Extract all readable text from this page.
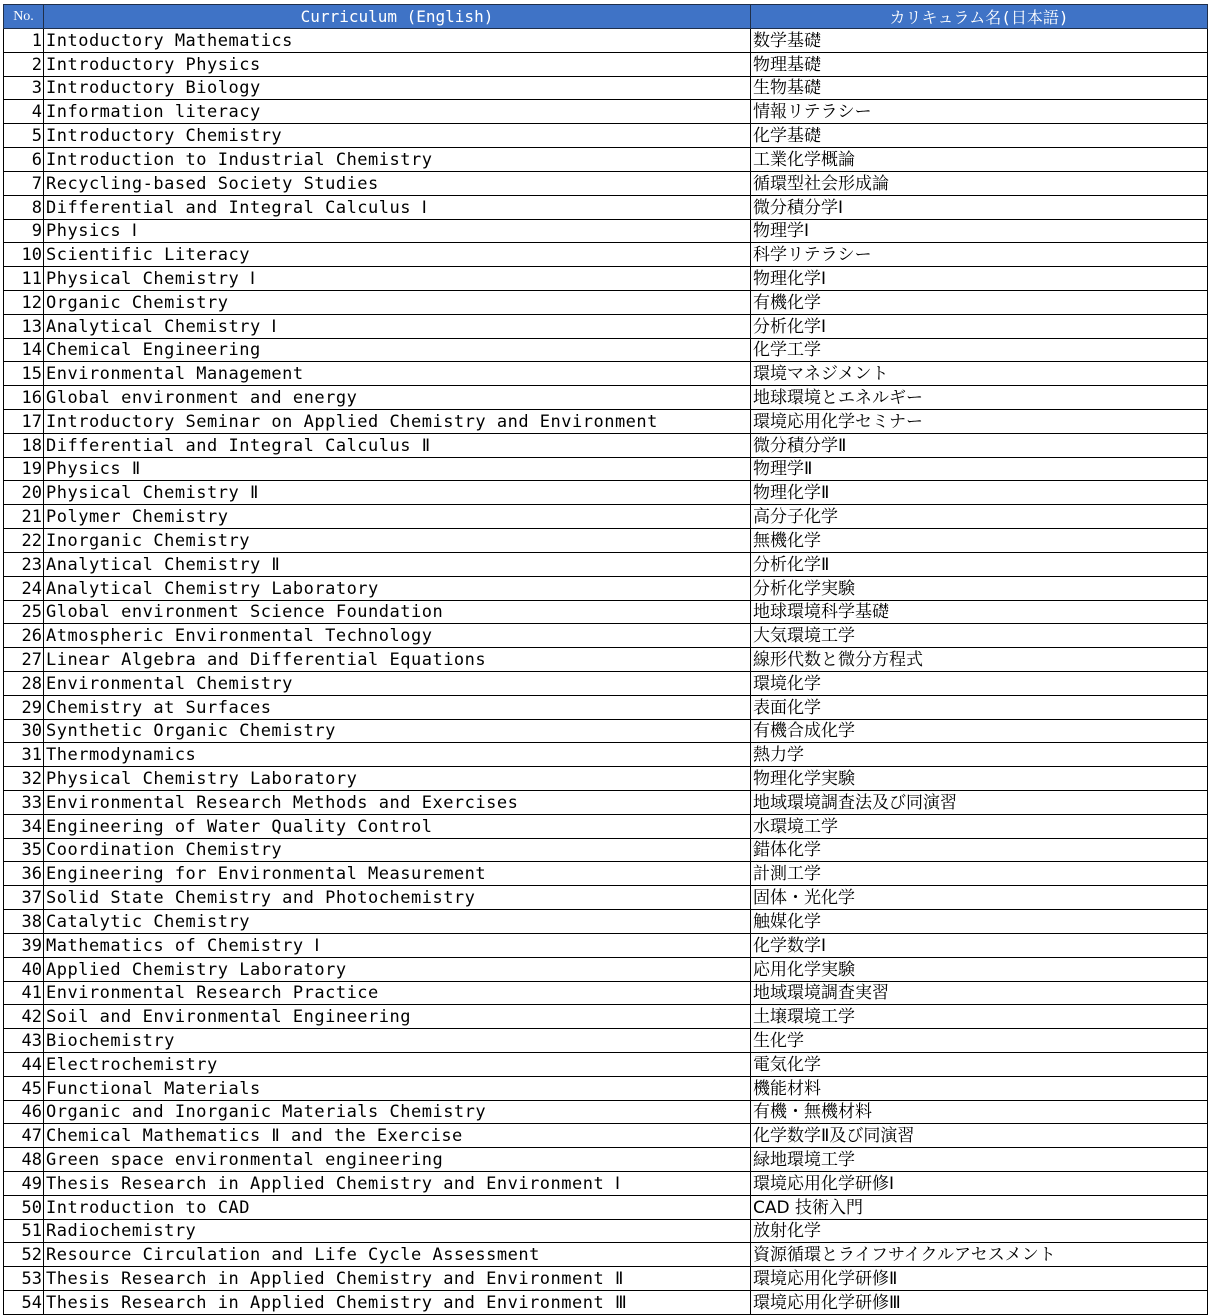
No.	Curriculum (English)	カリキュラム名(日本語)
1	Intoductory Mathematics	数学基礎
2	Introductory Physics	物理基礎
3	Introductory Biology	生物基礎
4	Information literacy	情報リテラシー
5	Introductory Chemistry	化学基礎
6	Introduction to Industrial Chemistry	工業化学概論
7	Recycling-based Society Studies	循環型社会形成論
8	Differential and Integral Calculus Ⅰ	微分積分学Ⅰ
9	Physics Ⅰ	物理学Ⅰ
10	Scientific Literacy	科学リテラシー
11	Physical Chemistry Ⅰ	物理化学Ⅰ
12	Organic Chemistry	有機化学
13	Analytical Chemistry Ⅰ	分析化学Ⅰ
14	Chemical Engineering	化学工学
15	Environmental Management	環境マネジメント
16	Global environment and energy	地球環境とエネルギー
17	Introductory Seminar on Applied Chemistry and Environment	環境応用化学セミナー
18	Differential and Integral Calculus Ⅱ	微分積分学Ⅱ
19	Physics Ⅱ	物理学Ⅱ
20	Physical Chemistry Ⅱ	物理化学Ⅱ
21	Polymer Chemistry	高分子化学
22	Inorganic Chemistry	無機化学
23	Analytical Chemistry Ⅱ	分析化学Ⅱ
24	Analytical Chemistry Laboratory	分析化学実験
25	Global environment Science Foundation	地球環境科学基礎
26	Atmospheric Environmental Technology	大気環境工学
27	Linear Algebra and Differential Equations	線形代数と微分方程式
28	Environmental Chemistry	環境化学
29	Chemistry at Surfaces	表面化学
30	Synthetic Organic Chemistry	有機合成化学
31	Thermodynamics	熱力学
32	Physical Chemistry Laboratory	物理化学実験
33	Environmental Research Methods and Exercises	地域環境調査法及び同演習
34	Engineering of Water Quality Control	水環境工学
35	Coordination Chemistry	錯体化学
36	Engineering for Environmental Measurement	計測工学
37	Solid State Chemistry and Photochemistry	固体・光化学
38	Catalytic Chemistry	触媒化学
39	Mathematics of Chemistry Ⅰ	化学数学Ⅰ
40	Applied Chemistry Laboratory	応用化学実験
41	Environmental Research Practice	地域環境調査実習
42	Soil and Environmental Engineering	土壌環境工学
43	Biochemistry	生化学
44	Electrochemistry	電気化学
45	Functional Materials	機能材料
46	Organic and Inorganic Materials Chemistry	有機・無機材料
47	Chemical Mathematics Ⅱ and the Exercise	化学数学Ⅱ及び同演習
48	Green space environmental engineering	緑地環境工学
49	Thesis Research in Applied Chemistry and Environment Ⅰ	環境応用化学研修Ⅰ
50	Introduction to CAD	CAD 技術入門
51	Radiochemistry	放射化学
52	Resource Circulation and Life Cycle Assessment	資源循環とライフサイクルアセスメント
53	Thesis Research in Applied Chemistry and Environment Ⅱ	環境応用化学研修Ⅱ
54	Thesis Research in Applied Chemistry and Environment Ⅲ	環境応用化学研修Ⅲ
